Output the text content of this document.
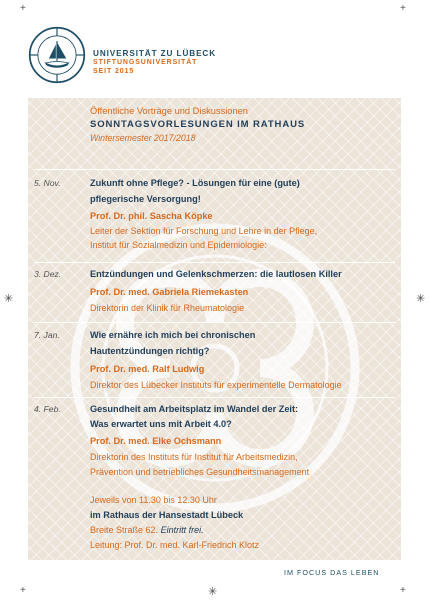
+	+
+	+
✳	✳
✳
UNIVERSITÄT ZU LÜBECK
STIFTUNGSUNIVERSITÄT
SEIT 2015
Öffentliche Vorträge und Diskussionen
SONNTAGSVORLESUNGEN IM RATHAUS
Wintersemester 2017/2018
5. Nov.	Zukunft ohne Pflege? - Lösungen für eine (gute)
pflegerische Versorgung!
Prof. Dr. phil. Sascha Köpke
Leiter der Sektion für Forschung und Lehre in der Pflege,
Institut für Sozialmedizin und Epidemiologie:
3. Dez.	Entzündungen und Gelenkschmerzen: die lautlosen Killer
Prof. Dr. med. Gabriela Riemekasten
Direktorin der Klinik für Rheumatologie
7. Jan.	Wie ernähre ich mich bei chronischen
Hautentzündungen richtig?
Prof. Dr. med. Ralf Ludwig
Direktor des Lübecker Instituts für experimentelle Dermatologie
4. Feb.	Gesundheit am Arbeitsplatz im Wandel der Zeit:
Was erwartet uns mit Arbeit 4.0?
Prof. Dr. med. Elke Ochsmann
Direktorin des Instituts für Institut für Arbeitsmedizin,
Prävention und betriebliches Gesundheitsmanagement
Jeweils von 11.30 bis 12.30 Uhr
im Rathaus der Hansestadt Lübeck
Breite Straße 62. Eintritt frei.
Leitung: Prof. Dr. med. Karl-Friedrich Klotz
IM FOCUS DAS LEBEN
